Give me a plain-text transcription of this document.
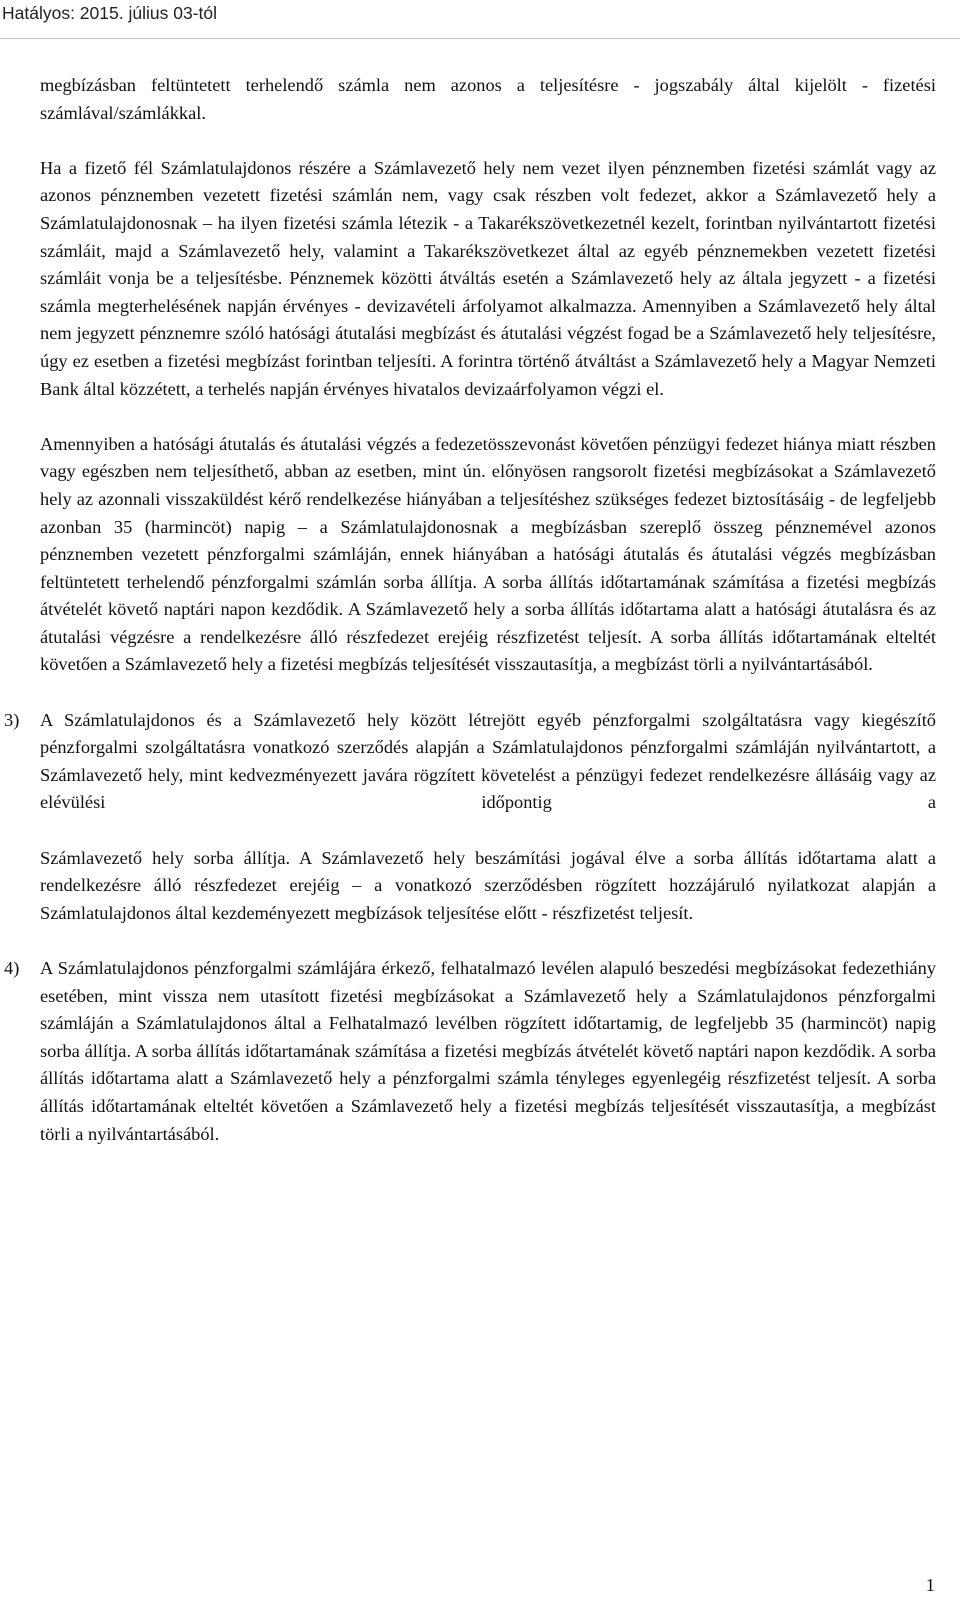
Hatályos: 2015. július 03-tól

megbízásban feltüntetett terhelendő számla nem azonos a teljesítésre - jogszabály által kijelölt - fizetési számlával/számlákkal.

Ha a fizető fél Számlatulajdonos részére a Számlavezető hely nem vezet ilyen pénznemben fizetési számlát vagy az azonos pénznemben vezetett fizetési számlán nem, vagy csak részben volt fedezet, akkor a Számlavezető hely a Számlatulajdonosnak – ha ilyen fizetési számla létezik - a Takarékszövetkezetnél kezelt, forintban nyilvántartott fizetési számláit, majd a Számlavezető hely, valamint a Takarékszövetkezet által az egyéb pénznemekben vezetett fizetési számláit vonja be a teljesítésbe. Pénznemek közötti átváltás esetén a Számlavezető hely az általa jegyzett - a fizetési számla megterhelésének napján érvényes - devizavételi árfolyamot alkalmazza. Amennyiben a Számlavezető hely által nem jegyzett pénznemre szóló hatósági átutalási megbízást és átutalási végzést fogad be a Számlavezető hely teljesítésre, úgy ez esetben a fizetési megbízást forintban teljesíti. A forintra történő átváltást a Számlavezető hely a Magyar Nemzeti Bank által közzétett, a terhelés napján érvényes hivatalos devizaárfolyamon végzi el.

Amennyiben a hatósági átutalás és átutalási végzés a fedezetösszevonást követően pénzügyi fedezet hiánya miatt részben vagy egészben nem teljesíthető, abban az esetben, mint ún. előnyösen rangsorolt fizetési megbízásokat a Számlavezető hely az azonnali visszaküldést kérő rendelkezése hiányában a teljesítéshez szükséges fedezet biztosításáig - de legfeljebb azonban 35 (harmincöt) napig – a Számlatulajdonosnak a megbízásban szereplő összeg pénznemével azonos pénznemben vezetett pénzforgalmi számláján, ennek hiányában a hatósági átutalás és átutalási végzés megbízásban feltüntetett terhelendő pénzforgalmi számlán sorba állítja. A sorba állítás időtartamának számítása a fizetési megbízás átvételét követő naptári napon kezdődik. A Számlavezető hely a sorba állítás időtartama alatt a hatósági átutalásra és az átutalási végzésre a rendelkezésre álló részfedezet erejéig részfizetést teljesít. A sorba állítás időtartamának elteltét követően a Számlavezető hely a fizetési megbízás teljesítését visszautasítja, a megbízást törli a nyilvántartásából.

3) A Számlatulajdonos és a Számlavezető hely között létrejött egyéb pénzforgalmi szolgáltatásra vagy kiegészítő pénzforgalmi szolgáltatásra vonatkozó szerződés alapján a Számlatulajdonos pénzforgalmi számláján nyilvántartott, a Számlavezető hely, mint kedvezményezett javára rögzített követelést a pénzügyi fedezet rendelkezésre állásáig vagy az elévülési időpontig a

Számlavezető hely sorba állítja. A Számlavezető hely beszámítási jogával élve a sorba állítás időtartama alatt a rendelkezésre álló részfedezet erejéig – a vonatkozó szerződésben rögzített hozzájáruló nyilatkozat alapján a Számlatulajdonos által kezdeményezett megbízások teljesítése előtt - részfizetést teljesít.

4) A Számlatulajdonos pénzforgalmi számlájára érkező, felhatalmazó levélen alapuló beszedési megbízásokat fedezethiány esetében, mint vissza nem utasított fizetési megbízásokat a Számlavezető hely a Számlatulajdonos pénzforgalmi számláján a Számlatulajdonos által a Felhatalmazó levélben rögzített időtartamig, de legfeljebb 35 (harmincöt) napig sorba állítja. A sorba állítás időtartamának számítása a fizetési megbízás átvételét követő naptári napon kezdődik. A sorba állítás időtartama alatt a Számlavezető hely a pénzforgalmi számla tényleges egyenlegéig részfizetést teljesít. A sorba állítás időtartamának elteltét követően a Számlavezető hely a fizetési megbízás teljesítését visszautasítja, a megbízást törli a nyilvántartásából.

1
